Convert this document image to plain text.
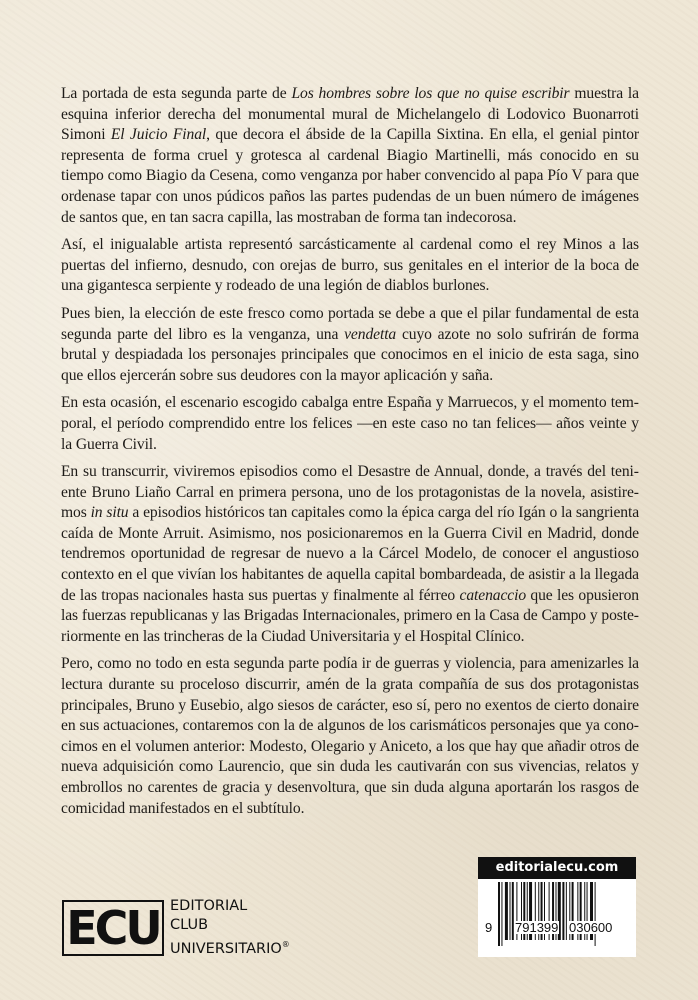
La portada de esta segunda parte de Los hombres sobre los que no quise escribir muestra la esquina inferior derecha del monumental mural de Michelangelo di Lodovico Buonarroti Simoni El Juicio Final, que decora el ábside de la Capilla Sixtina. En ella, el genial pintor representa de forma cruel y grotesca al cardenal Biagio Martinelli, más conocido en su tiempo como Biagio da Cesena, como venganza por haber convencido al papa Pío V para que ordenase tapar con unos púdicos paños las partes pudendas de un buen número de imágenes de santos que, en tan sacra capilla, las mostraban de forma tan indecorosa.

Así, el inigualable artista representó sarcásticamente al cardenal como el rey Minos a las puertas del infierno, desnudo, con orejas de burro, sus genitales en el interior de la boca de una gigantesca serpiente y rodeado de una legión de diablos burlones.

Pues bien, la elección de este fresco como portada se debe a que el pilar fundamental de esta segunda parte del libro es la venganza, una vendetta cuyo azote no solo sufrirán de forma brutal y despiadada los personajes principales que conocimos en el inicio de esta saga, sino que ellos ejercerán sobre sus deudores con la mayor aplicación y saña.

En esta ocasión, el escenario escogido cabalga entre España y Marruecos, y el momento temporal, el período comprendido entre los felices —en este caso no tan felices— años veinte y la Guerra Civil.

En su transcurrir, viviremos episodios como el Desastre de Annual, donde, a través del teniente Bruno Liaño Carral en primera persona, uno de los protagonistas de la novela, asistiremos in situ a episodios históricos tan capitales como la épica carga del río Igán o la sangrienta caída de Monte Arruit. Asimismo, nos posicionaremos en la Guerra Civil en Madrid, donde tendremos oportunidad de regresar de nuevo a la Cárcel Modelo, de conocer el angustioso contexto en el que vivían los habitantes de aquella capital bombardeada, de asistir a la llegada de las tropas nacionales hasta sus puertas y finalmente al férreo catenaccio que les opusieron las fuerzas republicanas y las Brigadas Internacionales, primero en la Casa de Campo y posteriormente en las trincheras de la Ciudad Universitaria y el Hospital Clínico.

Pero, como no todo en esta segunda parte podía ir de guerras y violencia, para amenizarles la lectura durante su proceloso discurrir, amén de la grata compañía de sus dos protagonistas principales, Bruno y Eusebio, algo siesos de carácter, eso sí, pero no exentos de cierto donaire en sus actuaciones, contaremos con la de algunos de los carismáticos personajes que ya conocimos en el volumen anterior: Modesto, Olegario y Aniceto, a los que hay que añadir otros de nueva adquisición como Laurencio, que sin duda les cautivarán con sus vivencias, relatos y embrollos no carentes de gracia y desenvoltura, que sin duda alguna aportarán los rasgos de comicidad manifestados en el subtítulo.

ECU EDITORIAL
CLUB
UNIVERSITARIO®
editorialecu.com
9 791399 030600
